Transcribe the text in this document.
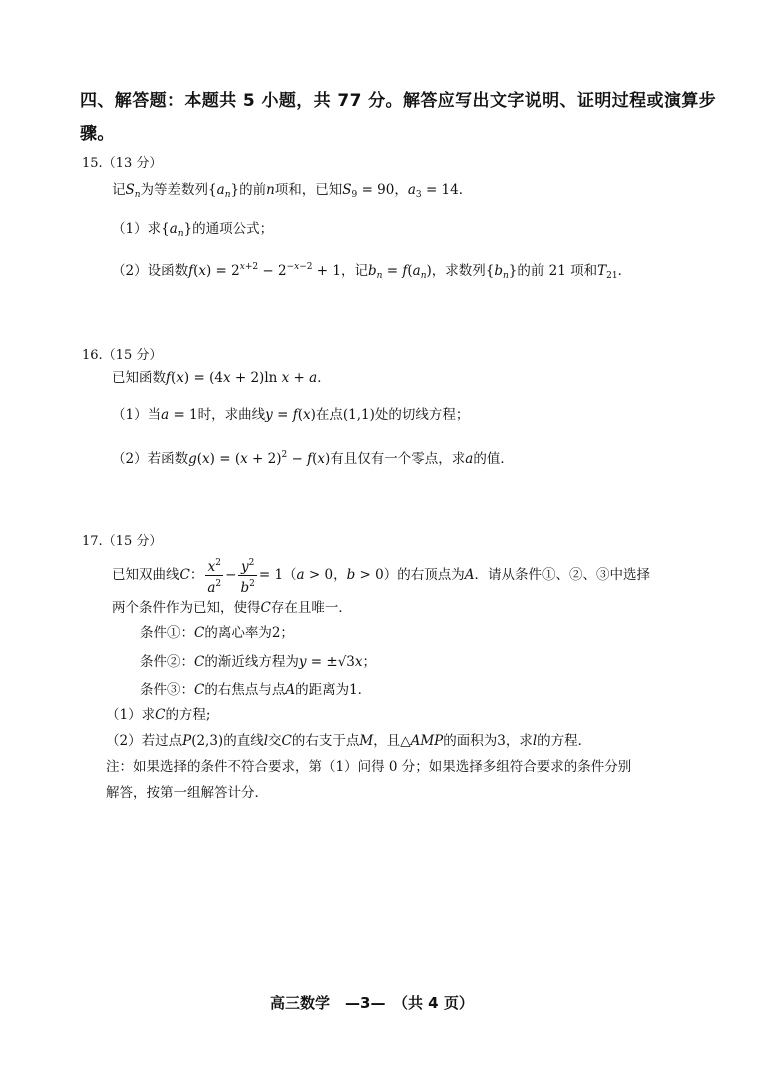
四、解答题：本题共 5 小题，共 77 分。解答应写出文字说明、证明过程或演算步
骤。
15.（13 分）
记$S_n$为等差数列$\{a_n\}$的前n项和，已知$S_9 = 90$，$a_3 = 14$．
（1）求$\{a_n\}$的通项公式；
（2）设函数$f(x) = 2^{x+2} - 2^{-x-2} + 1$，记$b_n = f(a_n)$，求数列$\{b_n\}$的前 21 项和$T_{21}$．
16.（15 分）
已知函数f(x) = (4x + 2)ln x + a．
（1）当a = 1时，求曲线y = f(x)在点(1,1)处的切线方程；
（2）若函数$g(x) = (x + 2)^2 - f(x)$有且仅有一个零点，求a的值．
17.（15 分）
已知双曲线C： $\frac{x^2}{a^2} - \frac{y^2}{b^2} = 1(a > 0$，b > 0）的右顶点为A．请从条件①、②、③中选择
两个条件作为已知，使得C存在且唯一．
条件①：C的离心率为2；
条件②：C的渐近线方程为y = ±√3x；
条件③：C的右焦点与点A的距离为1．
（1）求C的方程;
（2）若过点P(2,3)的直线l交C的右支于点M，且△AMP的面积为3，求l的方程．
注：如果选择的条件不符合要求，第（1）问得 0 分；如果选择多组符合要求的条件分别
解答，按第一组解答计分．
高三数学　—3—　（共 4 页）
